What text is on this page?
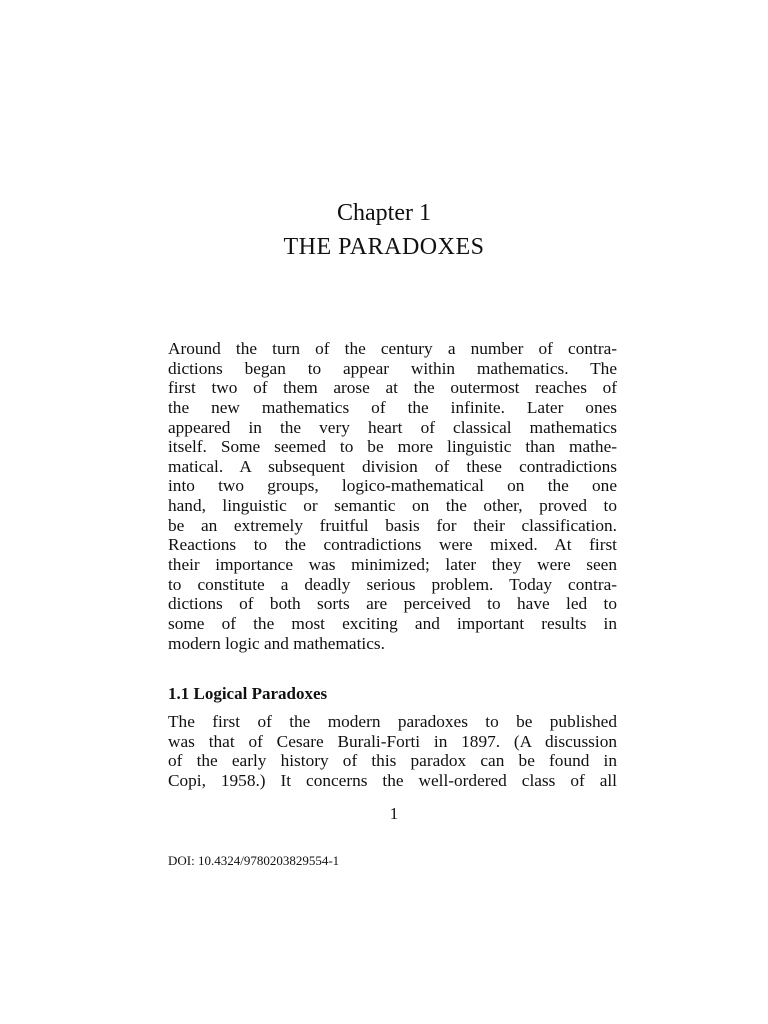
Chapter 1
THE PARADOXES
Around the turn of the century a number of contra-
dictions began to appear within mathematics. The
first two of them arose at the outermost reaches of
the new mathematics of the infinite. Later ones
appeared in the very heart of classical mathematics
itself. Some seemed to be more linguistic than mathe-
matical. A subsequent division of these contradictions
into two groups, logico-mathematical on the one
hand, linguistic or semantic on the other, proved to
be an extremely fruitful basis for their classification.
Reactions to the contradictions were mixed. At first
their importance was minimized; later they were seen
to constitute a deadly serious problem. Today contra-
dictions of both sorts are perceived to have led to
some of the most exciting and important results in
modern logic and mathematics.
1.1 Logical Paradoxes
The first of the modern paradoxes to be published
was that of Cesare Burali-Forti in 1897. (A discussion
of the early history of this paradox can be found in
Copi, 1958.) It concerns the well-ordered class of all
1
DOI: 10.4324/9780203829554-1
